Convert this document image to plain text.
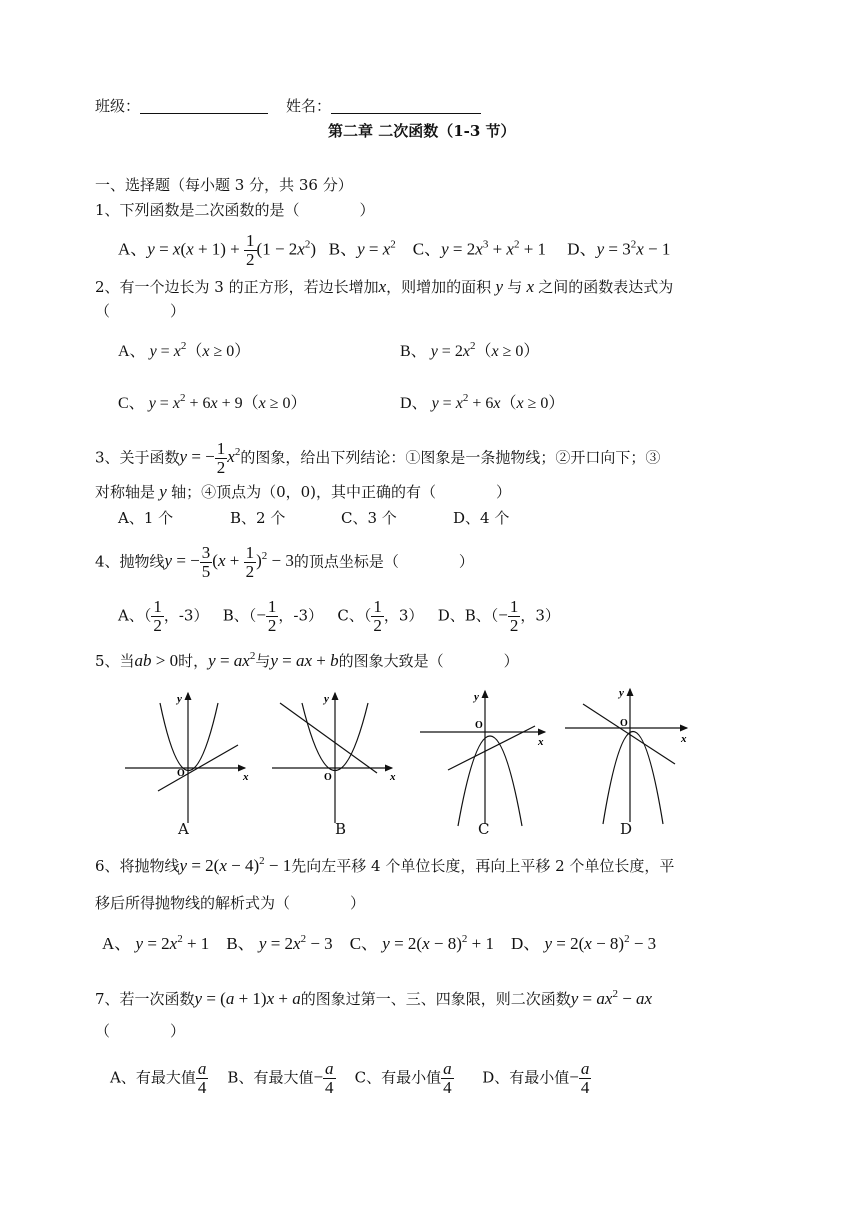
班级：	姓名：
第二章 二次函数（1-3 节）
一、选择题（每小题 3 分，共 36 分）
1、下列函数是二次函数的是（　　　　）
A、$y = x(x + 1) + \frac{1}{2} (1 - 2x^2)$   B、$y = x^2$ C、$y = 2x^3 + x^2 + 1$     D、$y = 3^2x - 1$
2、有一个边长为 3 的正方形，若边长增加x，则增加的面积 y 与 x 之间的函数表达式为
（　　　　）
A、 $y = x^2(x \ge 0)$	B、 $y = 2x^2(x \ge 0)$
C、 $y = x^2 + 6x + 9(x \ge 0)$	D、 $y = x^2 + 6x(x \ge 0)$
3、关于函数y = − $\frac{1}{2} x^2$的图象，给出下列结论：①图象是一条抛物线；②开口向下；③
对称轴是 y 轴；④顶点为（0，0)，其中正确的有（　　　　）
A、1 个	B、2 个	C、3 个	D、4 个
4、抛物线y = − $\frac{3}{5} (x + \frac{1}{2} )^2 - 3$的顶点坐标是（　　　　）
A、（ $\frac{1}{2}$ ，-3） B、（− $\frac{1}{2}$ ，-3） C、（ $\frac{1}{2}$ ，3） D、B、（− $\frac{1}{2}$ ，3）
5、当ab > 0时，$y = ax^2$与y = ax + b的图象大致是（　　　　）
O	x
y
A
O	x
y
B
O
x
y
C
O
x
y
D
6、将抛物线$y = 2(x - 4)^2 - 1$先向左平移 4 个单位长度，再向上平移 2 个单位长度，平
移后所得抛物线的解析式为（　　　　）
A、 $y = 2x^2 + 1$    B、 $y = 2x^2 - 3$    C、 $y = 2(x - 8)^2 + 1$    D、 $y = 2(x - 8)^2 - 3$
7、若一次函数y = (a + 1)x + a的图象过第一、三、四象限，则二次函数$y = ax^2$ − ax
（　　　　）
A、有最大值 $\frac{a}{4}$ B、有最大值− $\frac{a}{4}$ C、有最小值 $\frac{a}{4}$ D、有最小值− $\frac{a}{4}$
